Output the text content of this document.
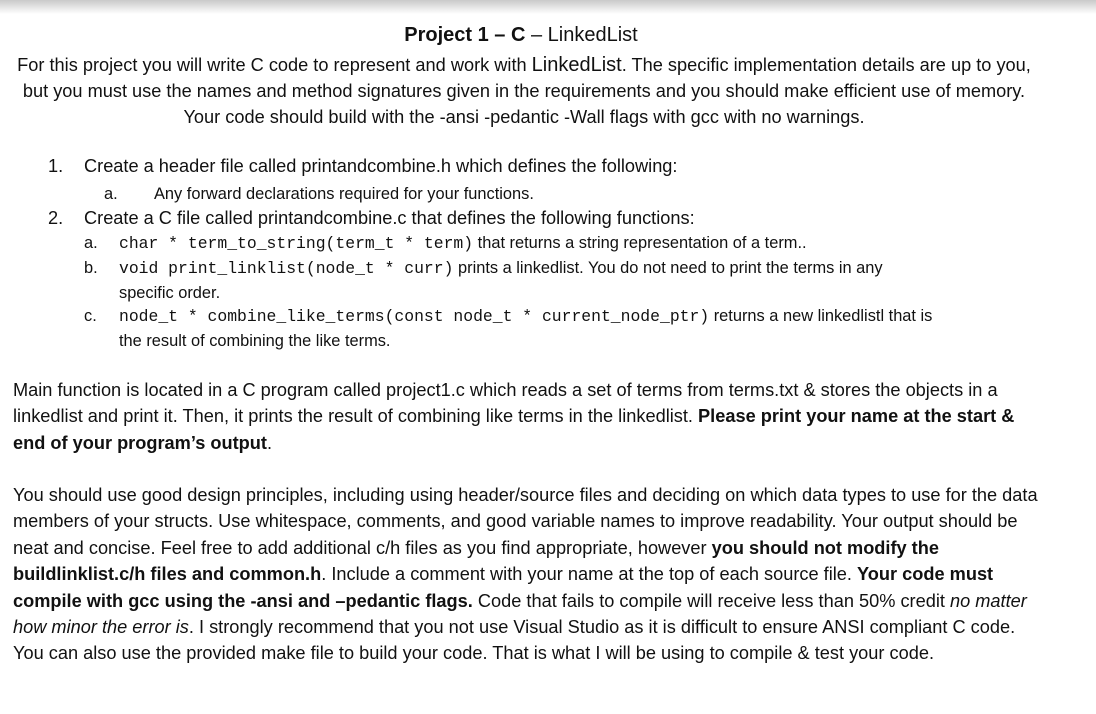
Project 1 – C – LinkedList
For this project you will write C code to represent and work with LinkedList. The specific implementation details are up to you, but you must use the names and method signatures given in the requirements and you should make efficient use of memory. Your code should build with the -ansi -pedantic -Wall flags with gcc with no warnings.
1. Create a header file called printandcombine.h which defines the following:
a. Any forward declarations required for your functions.
2. Create a C file called printandcombine.c that defines the following functions:
a. char * term_to_string(term_t * term) that returns a string representation of a term..
b. void print_linklist(node_t * curr) prints a linkedlist. You do not need to print the terms in any
specific order.
c. node_t * combine_like_terms(const node_t * current_node_ptr) returns a new linkedlistl that is
the result of combining the like terms.
Main function is located in a C program called project1.c which reads a set of terms from terms.txt & stores the objects in a linkedlist and print it. Then, it prints the result of combining like terms in the linkedlist. Please print your name at the start & end of your program’s output.
You should use good design principles, including using header/source files and deciding on which data types to use for the data members of your structs. Use whitespace, comments, and good variable names to improve readability. Your output should be neat and concise. Feel free to add additional c/h files as you find appropriate, however you should not modify the buildlinklist.c/h files and common.h. Include a comment with your name at the top of each source file. Your code must compile with gcc using the -ansi and –pedantic flags. Code that fails to compile will receive less than 50% credit no matter how minor the error is. I strongly recommend that you not use Visual Studio as it is difficult to ensure ANSI compliant C code. You can also use the provided make file to build your code. That is what I will be using to compile & test your code.
